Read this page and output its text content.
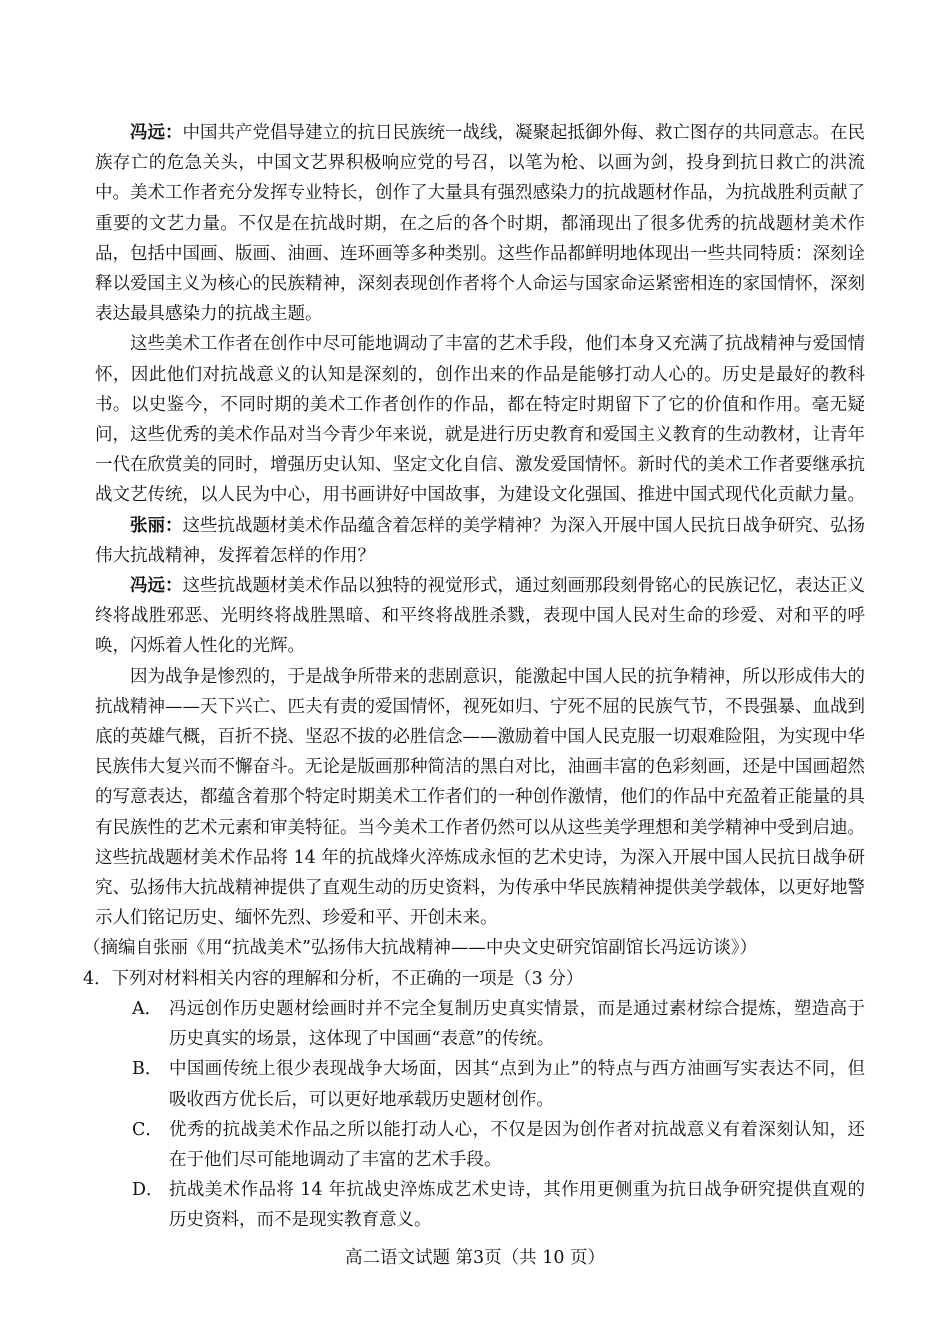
冯远：中国共产党倡导建立的抗日民族统一战线，凝聚起抵御外侮、救亡图存的共同意志。在民族存亡的危急关头，中国文艺界积极响应党的号召，以笔为枪、以画为剑，投身到抗日救亡的洪流中。美术工作者充分发挥专业特长，创作了大量具有强烈感染力的抗战题材作品，为抗战胜利贡献了重要的文艺力量。不仅是在抗战时期，在之后的各个时期，都涌现出了很多优秀的抗战题材美术作品，包括中国画、版画、油画、连环画等多种类别。这些作品都鲜明地体现出一些共同特质：深刻诠释以爱国主义为核心的民族精神，深刻表现创作者将个人命运与国家命运紧密相连的家国情怀，深刻表达最具感染力的抗战主题。

这些美术工作者在创作中尽可能地调动了丰富的艺术手段，他们本身又充满了抗战精神与爱国情怀，因此他们对抗战意义的认知是深刻的，创作出来的作品是能够打动人心的。历史是最好的教科书。以史鉴今，不同时期的美术工作者创作的作品，都在特定时期留下了它的价值和作用。毫无疑问，这些优秀的美术作品对当今青少年来说，就是进行历史教育和爱国主义教育的生动教材，让青年一代在欣赏美的同时，增强历史认知、坚定文化自信、激发爱国情怀。新时代的美术工作者要继承抗战文艺传统，以人民为中心，用书画讲好中国故事，为建设文化强国、推进中国式现代化贡献力量。

张丽：这些抗战题材美术作品蕴含着怎样的美学精神？为深入开展中国人民抗日战争研究、弘扬伟大抗战精神，发挥着怎样的作用？

冯远：这些抗战题材美术作品以独特的视觉形式，通过刻画那段刻骨铭心的民族记忆，表达正义终将战胜邪恶、光明终将战胜黑暗、和平终将战胜杀戮，表现中国人民对生命的珍爱、对和平的呼唤，闪烁着人性化的光辉。

因为战争是惨烈的，于是战争所带来的悲剧意识，能激起中国人民的抗争精神，所以形成伟大的抗战精神——天下兴亡、匹夫有责的爱国情怀，视死如归、宁死不屈的民族气节，不畏强暴、血战到底的英雄气概，百折不挠、坚忍不拔的必胜信念——激励着中国人民克服一切艰难险阻，为实现中华民族伟大复兴而不懈奋斗。无论是版画那种简洁的黑白对比，油画丰富的色彩刻画，还是中国画超然的写意表达，都蕴含着那个特定时期美术工作者们的一种创作激情，他们的作品中充盈着正能量的具有民族性的艺术元素和审美特征。当今美术工作者仍然可以从这些美学理想和美学精神中受到启迪。这些抗战题材美术作品将 14 年的抗战烽火淬炼成永恒的艺术史诗，为深入开展中国人民抗日战争研究、弘扬伟大抗战精神提供了直观生动的历史资料，为传承中华民族精神提供美学载体，以更好地警示人们铭记历史、缅怀先烈、珍爱和平、开创未来。

（摘编自张丽《用“抗战美术”弘扬伟大抗战精神——中央文史研究馆副馆长冯远访谈》）

4．下列对材料相关内容的理解和分析，不正确的一项是（3 分）

A． 冯远创作历史题材绘画时并不完全复制历史真实情景，而是通过素材综合提炼，塑造高于历史真实的场景，这体现了中国画“表意”的传统。

B． 中国画传统上很少表现战争大场面，因其“点到为止”的特点与西方油画写实表达不同，但吸收西方优长后，可以更好地承载历史题材创作。

C． 优秀的抗战美术作品之所以能打动人心，不仅是因为创作者对抗战意义有着深刻认知，还在于他们尽可能地调动了丰富的艺术手段。

D． 抗战美术作品将 14 年抗战史淬炼成艺术史诗，其作用更侧重为抗日战争研究提供直观的历史资料，而不是现实教育意义。

高二语文试题 第3页（共 10 页）
